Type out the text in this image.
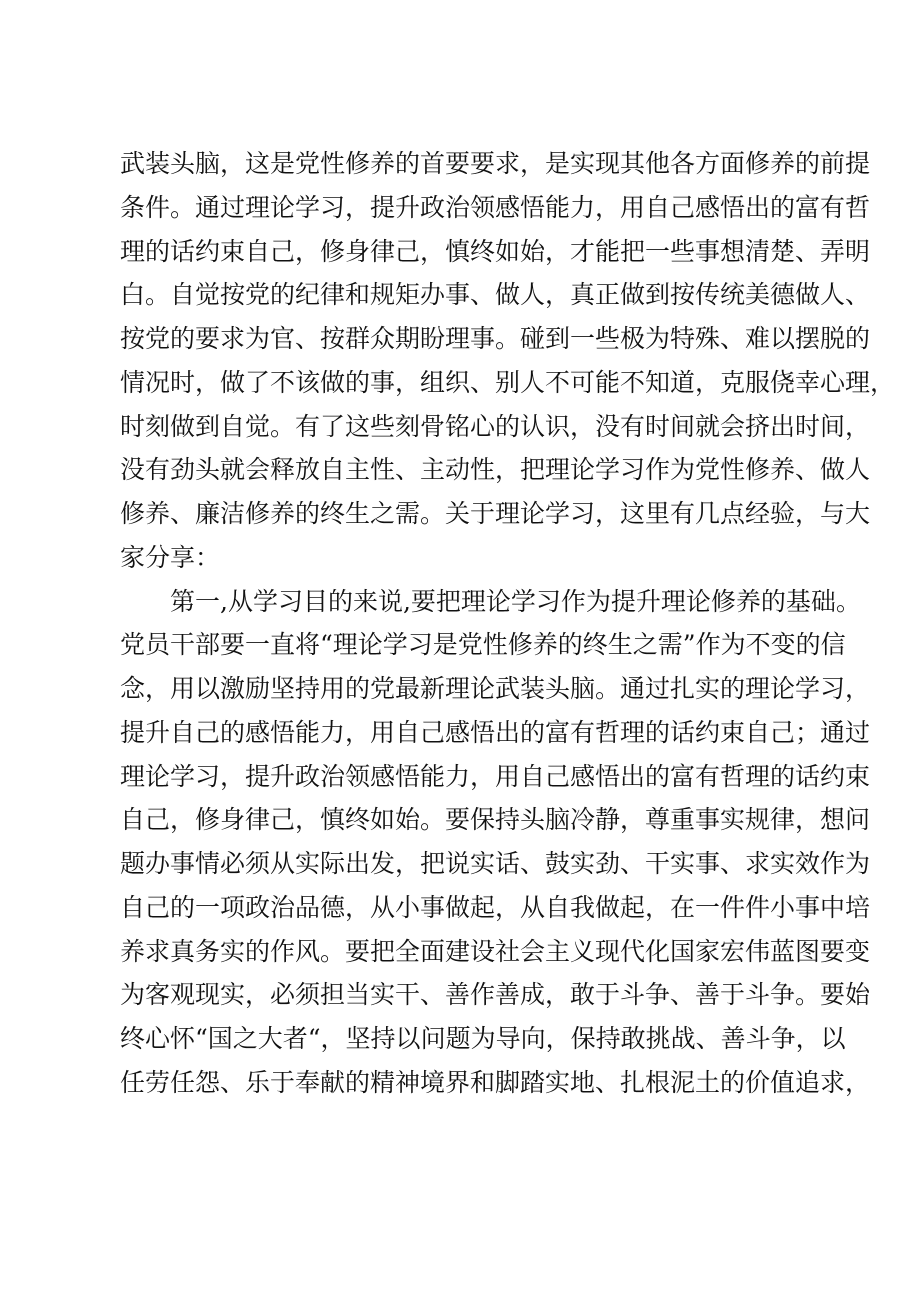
武装头脑，这是党性修养的首要要求，是实现其他各方面修养的前提
条件。通过理论学习，提升政治领感悟能力，用自己感悟出的富有哲
理的话约束自己，修身律己，慎终如始，才能把一些事想清楚、弄明
白。自觉按党的纪律和规矩办事、做人，真正做到按传统美德做人、
按党的要求为官、按群众期盼理事。碰到一些极为特殊、难以摆脱的
情况时，做了不该做的事，组织、别人不可能不知道，克服侥幸心理，
时刻做到自觉。有了这些刻骨铭心的认识，没有时间就会挤出时间，
没有劲头就会释放自主性、主动性，把理论学习作为党性修养、做人
修养、廉洁修养的终生之需。关于理论学习，这里有几点经验，与大
家分享：
第一,从学习目的来说,要把理论学习作为提升理论修养的基础。
党员干部要一直将“理论学习是党性修养的终生之需”作为不变的信
念，用以激励坚持用的党最新理论武装头脑。通过扎实的理论学习，
提升自己的感悟能力，用自己感悟出的富有哲理的话约束自己；通过
理论学习，提升政治领感悟能力，用自己感悟出的富有哲理的话约束
自己，修身律己，慎终如始。要保持头脑冷静，尊重事实规律，想问
题办事情必须从实际出发，把说实话、鼓实劲、干实事、求实效作为
自己的一项政治品德，从小事做起，从自我做起，在一件件小事中培
养求真务实的作风。要把全面建设社会主义现代化国家宏伟蓝图要变
为客观现实，必须担当实干、善作善成，敢于斗争、善于斗争。要始
终心怀“国之大者“，坚持以问题为导向，保持敢挑战、善斗争，以
任劳任怨、乐于奉献的精神境界和脚踏实地、扎根泥土的价值追求，
